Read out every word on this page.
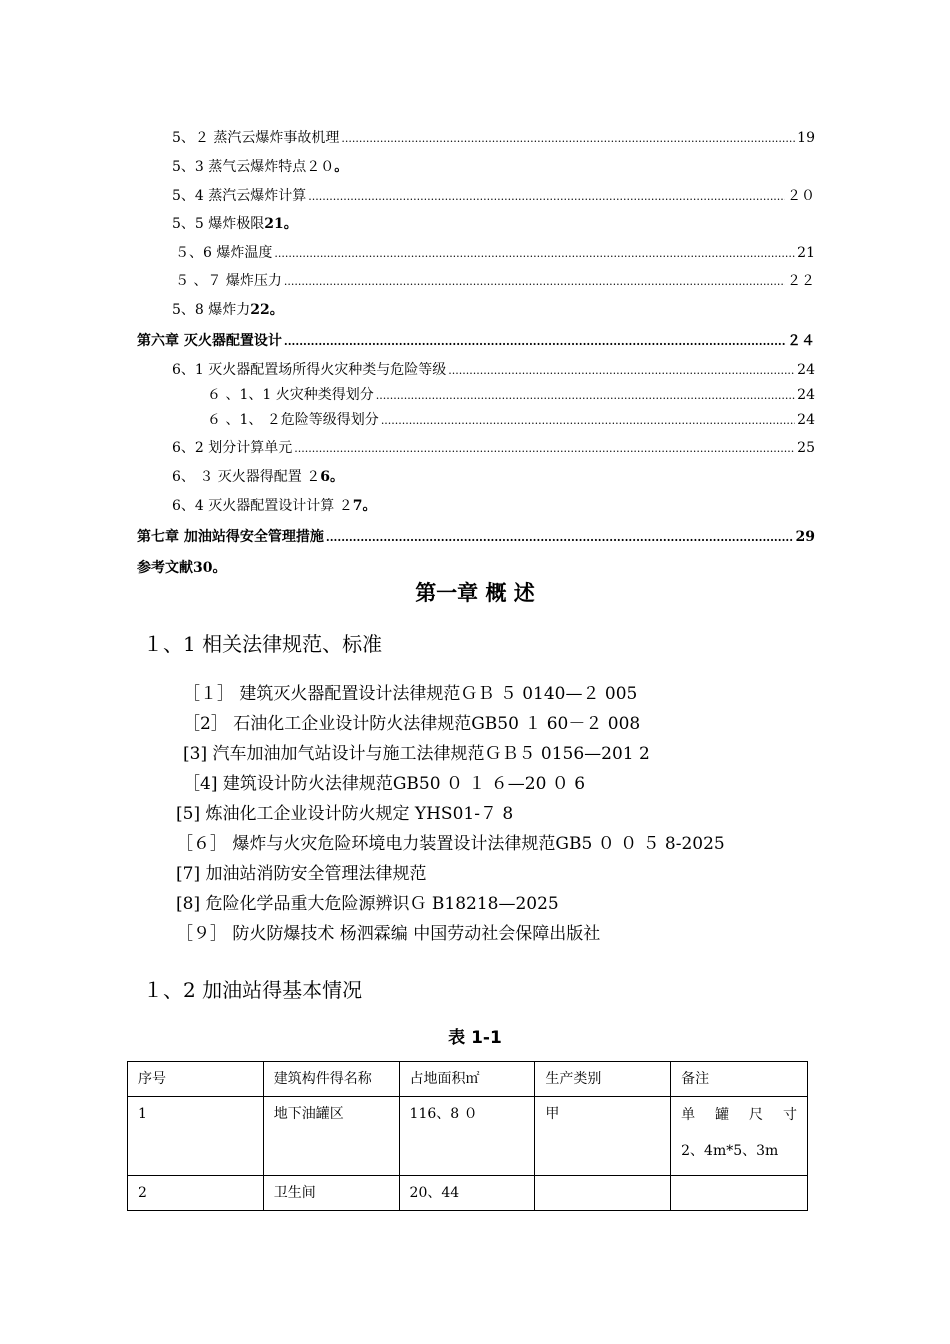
5、２ 蒸汽云爆炸事故机理 .....	19
5、3 蒸气云爆炸特点２０。
5、4 蒸汽云爆炸计算 .....	２０
5、5 爆炸极限21。
５、6 爆炸温度 .....	21
５ 、７ 爆炸压力 .....	２２
5、8 爆炸力22。
第六章 灭火器配置设计 .....	２４
6、1 灭火器配置场所得火灾种类与危险等级 .....	24
６ 、1、1 火灾种类得划分 .....	24
６ 、1、 ２危险等级得划分 .....	24
6、2 划分计算单元 .....	25
6、 ３ 灭火器得配置 ２6。
6、4 灭火器配置设计计算 ２7。
第七章 加油站得安全管理措施 .....	29
参考文献30。
第一章 概 述
１、1 相关法律规范、标准
［１］ 建筑灭火器配置设计法律规范ＧＢ ５ 0140—２ 005
［2］ 石油化工企业设计防火法律规范GB50 １ 60－２ 008
[3] 汽车加油加气站设计与施工法律规范ＧＢ５ 0156—201 2
［4] 建筑设计防火法律规范GB50 ０ １ ６—20 ０ 6
[5] 炼油化工企业设计防火规定 YHS01-７ 8
［６］ 爆炸与火灾危险环境电力装置设计法律规范GB5 ０ ０ ５ 8-2025
[7] 加油站消防安全管理法律规范
[8] 危险化学品重大危险源辨识Ｇ B18218—2025
［９］ 防火防爆技术 杨泗霖编 中国劳动社会保障出版社
１、2 加油站得基本情况
表 1-1
序号	建筑构件得名称	占地面积㎡	生产类别	备注
1	地下油罐区	116、8 ０	甲	单 罐 尺 寸
2、4m*5、3m

2	卫生间	20、44		
